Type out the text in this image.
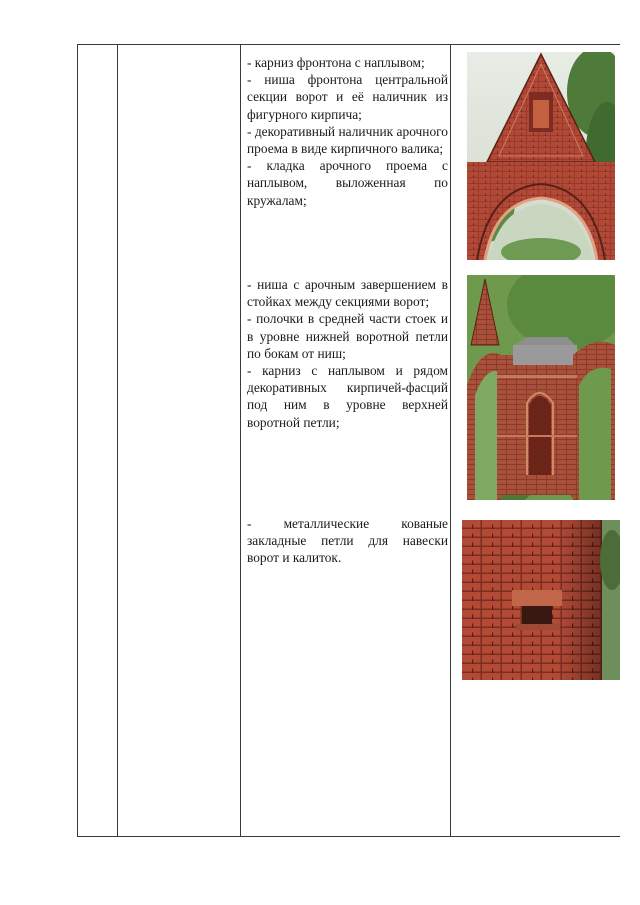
- карниз фронтона с наплывом;

- ниша фронтона центральной секции ворот и её наличник из фигурного кирпича;

- декоративный наличник арочного проема в виде кирпичного валика;

- кладка арочного проема с наплывом, выложенная по кружалам;

- ниша с арочным завершением в стойках между секциями ворот;

- полочки в средней части стоек и в уровне нижней воротной петли по бокам от ниш;

- карниз с наплывом и рядом декоративных кирпичей-фасций под ним в уровне верхней воротной петли;

- металлические кованые закладные петли для навески ворот и калиток.
